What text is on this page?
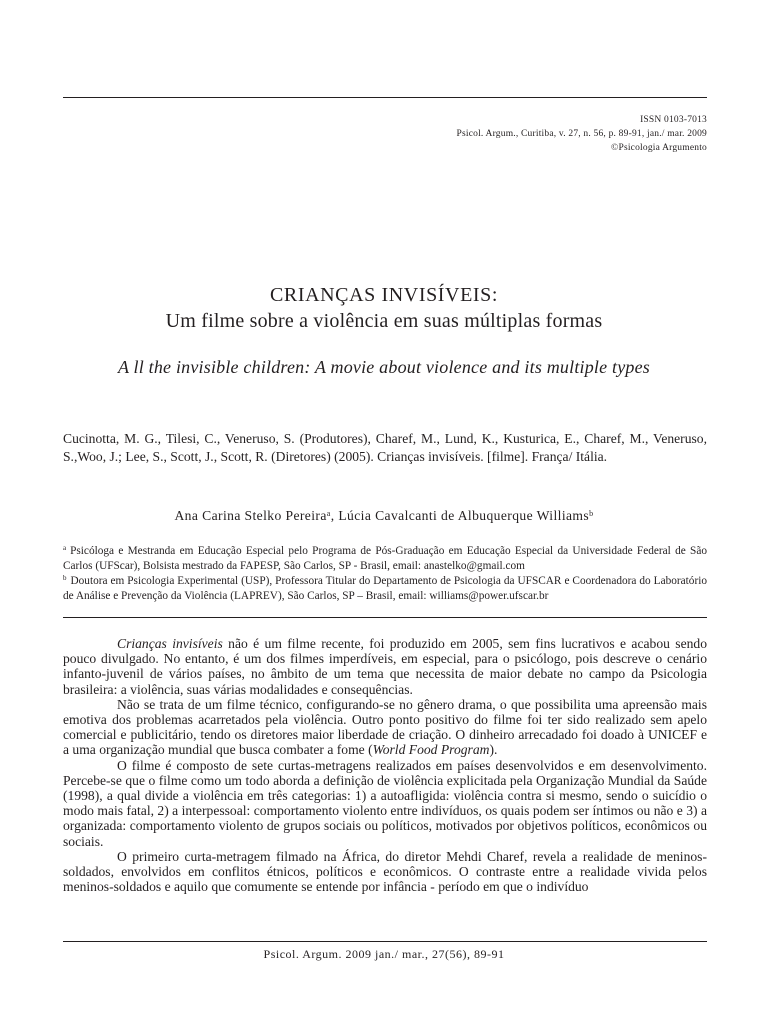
ISSN 0103-7013
Psicol. Argum., Curitiba, v. 27, n. 56, p. 89-91, jan./ mar. 2009
©Psicologia Argumento
CRIANÇAS INVISÍVEIS:
Um filme sobre a violência em suas múltiplas formas
A ll the invisible children: A movie about violence and its multiple types
Cucinotta, M. G., Tilesi, C., Veneruso, S. (Produtores), Charef, M., Lund, K., Kusturica, E., Charef, M., Veneruso, S.,Woo, J.; Lee, S., Scott, J., Scott, R. (Diretores) (2005). Crianças invisíveis. [filme]. França/ Itália.
Ana Carina Stelko Pereira$^a$, Lúcia Cavalcanti de Albuquerque Williams$^b$
$^a$ Psicóloga e Mestranda em Educação Especial pelo Programa de Pós-Graduação em Educação Especial da Universidade Federal de São Carlos (UFScar), Bolsista mestrado da FAPESP, São Carlos, SP - Brasil, email: anastelko@gmail.com
$^b$ Doutora em Psicologia Experimental (USP), Professora Titular do Departamento de Psicologia da UFSCAR e Coordenadora do Laboratório de Análise e Prevenção da Violência (LAPREV), São Carlos, SP – Brasil, email: williams@power.ufscar.br

Crianças invisíveis não é um filme recente, foi produzido em 2005, sem fins lucrativos e acabou sendo pouco divulgado. No entanto, é um dos filmes imperdíveis, em especial, para o psicólogo, pois descreve o cenário infanto-juvenil de vários países, no âmbito de um tema que necessita de maior debate no campo da Psicologia brasileira: a violência, suas várias modalidades e consequências.

Não se trata de um filme técnico, configurando-se no gênero drama, o que possibilita uma apreensão mais emotiva dos problemas acarretados pela violência. Outro ponto positivo do filme foi ter sido realizado sem apelo comercial e publicitário, tendo os diretores maior liberdade de criação. O dinheiro arrecadado foi doado à UNICEF e a uma organização mundial que busca combater a fome (World Food Program).

O filme é composto de sete curtas-metragens realizados em países desenvolvidos e em desenvolvimento. Percebe-se que o filme como um todo aborda a definição de violência explicitada pela Organização Mundial da Saúde (1998), a qual divide a violência em três categorias: 1) a autoafligida: violência contra si mesmo, sendo o suicídio o modo mais fatal, 2) a interpessoal: comportamento violento entre indivíduos, os quais podem ser íntimos ou não e 3) a organizada: comportamento violento de grupos sociais ou políticos, motivados por objetivos políticos, econômicos ou sociais.

O primeiro curta-metragem filmado na África, do diretor Mehdi Charef, revela a realidade de meninos-soldados, envolvidos em conflitos étnicos, políticos e econômicos. O contraste entre a realidade vivida pelos meninos-soldados e aquilo que comumente se entende por infância - período em que o indivíduo

Psicol. Argum. 2009 jan./ mar., 27(56), 89-91
